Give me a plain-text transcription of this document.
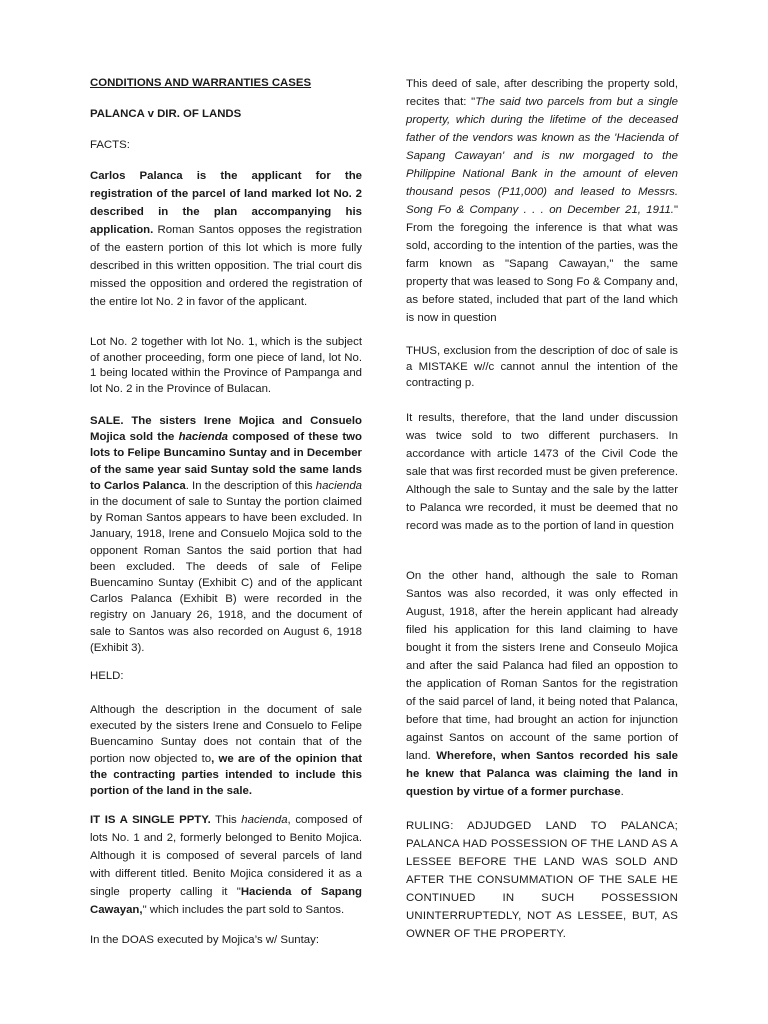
CONDITIONS AND WARRANTIES CASES

PALANCA v DIR. OF LANDS

FACTS:

Carlos Palanca is the applicant for the registration of the parcel of land marked lot No. 2 described in the plan accompanying his application. Roman Santos opposes the registration of the eastern portion of this lot which is more fully described in this written opposition. The trial court dis missed the opposition and ordered the registration of the entire lot No. 2 in favor of the applicant.

Lot No. 2 together with lot No. 1, which is the subject of another proceeding, form one piece of land, lot No. 1 being located within the Province of Pampanga and lot No. 2 in the Province of Bulacan.

SALE. The sisters Irene Mojica and Consuelo Mojica sold the hacienda composed of these two lots to Felipe Buncamino Suntay and in December of the same year said Suntay sold the same lands to Carlos Palanca. In the description of this hacienda in the document of sale to Suntay the portion claimed by Roman Santos appears to have been excluded. In January, 1918, Irene and Consuelo Mojica sold to the opponent Roman Santos the said portion that had been excluded. The deeds of sale of Felipe Buencamino Suntay (Exhibit C) and of the applicant Carlos Palanca (Exhibit B) were recorded in the registry on January 26, 1918, and the document of sale to Santos was also recorded on August 6, 1918 (Exhibit 3).

HELD:

Although the description in the document of sale executed by the sisters Irene and Consuelo to Felipe Buencamino Suntay does not contain that of the portion now objected to, we are of the opinion that the contracting parties intended to include this portion of the land in the sale.

IT IS A SINGLE PPTY. This hacienda, composed of lots No. 1 and 2, formerly belonged to Benito Mojica. Although it is composed of several parcels of land with different titled. Benito Mojica considered it as a single property calling it "Hacienda of Sapang Cawayan," which includes the part sold to Santos.

In the DOAS executed by Mojica’s w/ Suntay:

This deed of sale, after describing the property sold, recites that: "The said two parcels from but a single property, which during the lifetime of the deceased father of the vendors was known as the 'Hacienda of Sapang Cawayan' and is nw morgaged to the Philippine National Bank in the amount of eleven thousand pesos (P11,000) and leased to Messrs. Song Fo & Company . . . on December 21, 1911." From the foregoing the inference is that what was sold, according to the intention of the parties, was the farm known as "Sapang Cawayan," the same property that was leased to Song Fo & Company and, as before stated, included that part of the land which is now in question

THUS, exclusion from the description of doc of sale is a MISTAKE w//c cannot annul the intention of the contracting p.

It results, therefore, that the land under discussion was twice sold to two different purchasers. In accordance with article 1473 of the Civil Code the sale that was first recorded must be given preference. Although the sale to Suntay and the sale by the latter to Palanca wre recorded, it must be deemed that no record was made as to the portion of land in question

On the other hand, although the sale to Roman Santos was also recorded, it was only effected in August, 1918, after the herein applicant had already filed his application for this land claiming to have bought it from the sisters Irene and Conseulo Mojica and after the said Palanca had filed an oppostion to the application of Roman Santos for the registration of the said parcel of land, it being noted that Palanca, before that time, had brought an action for injunction against Santos on account of the same portion of land. Wherefore, when Santos recorded his sale he knew that Palanca was claiming the land in question by virtue of a former purchase.

RULING: ADJUDGED LAND TO PALANCA; PALANCA HAD POSSESSION OF THE LAND AS A LESSEE BEFORE THE LAND WAS SOLD AND AFTER THE CONSUMMATION OF THE SALE HE CONTINUED IN SUCH POSSESSION UNINTERRUPTEDLY, NOT AS LESSEE, BUT, AS OWNER OF THE PROPERTY.
